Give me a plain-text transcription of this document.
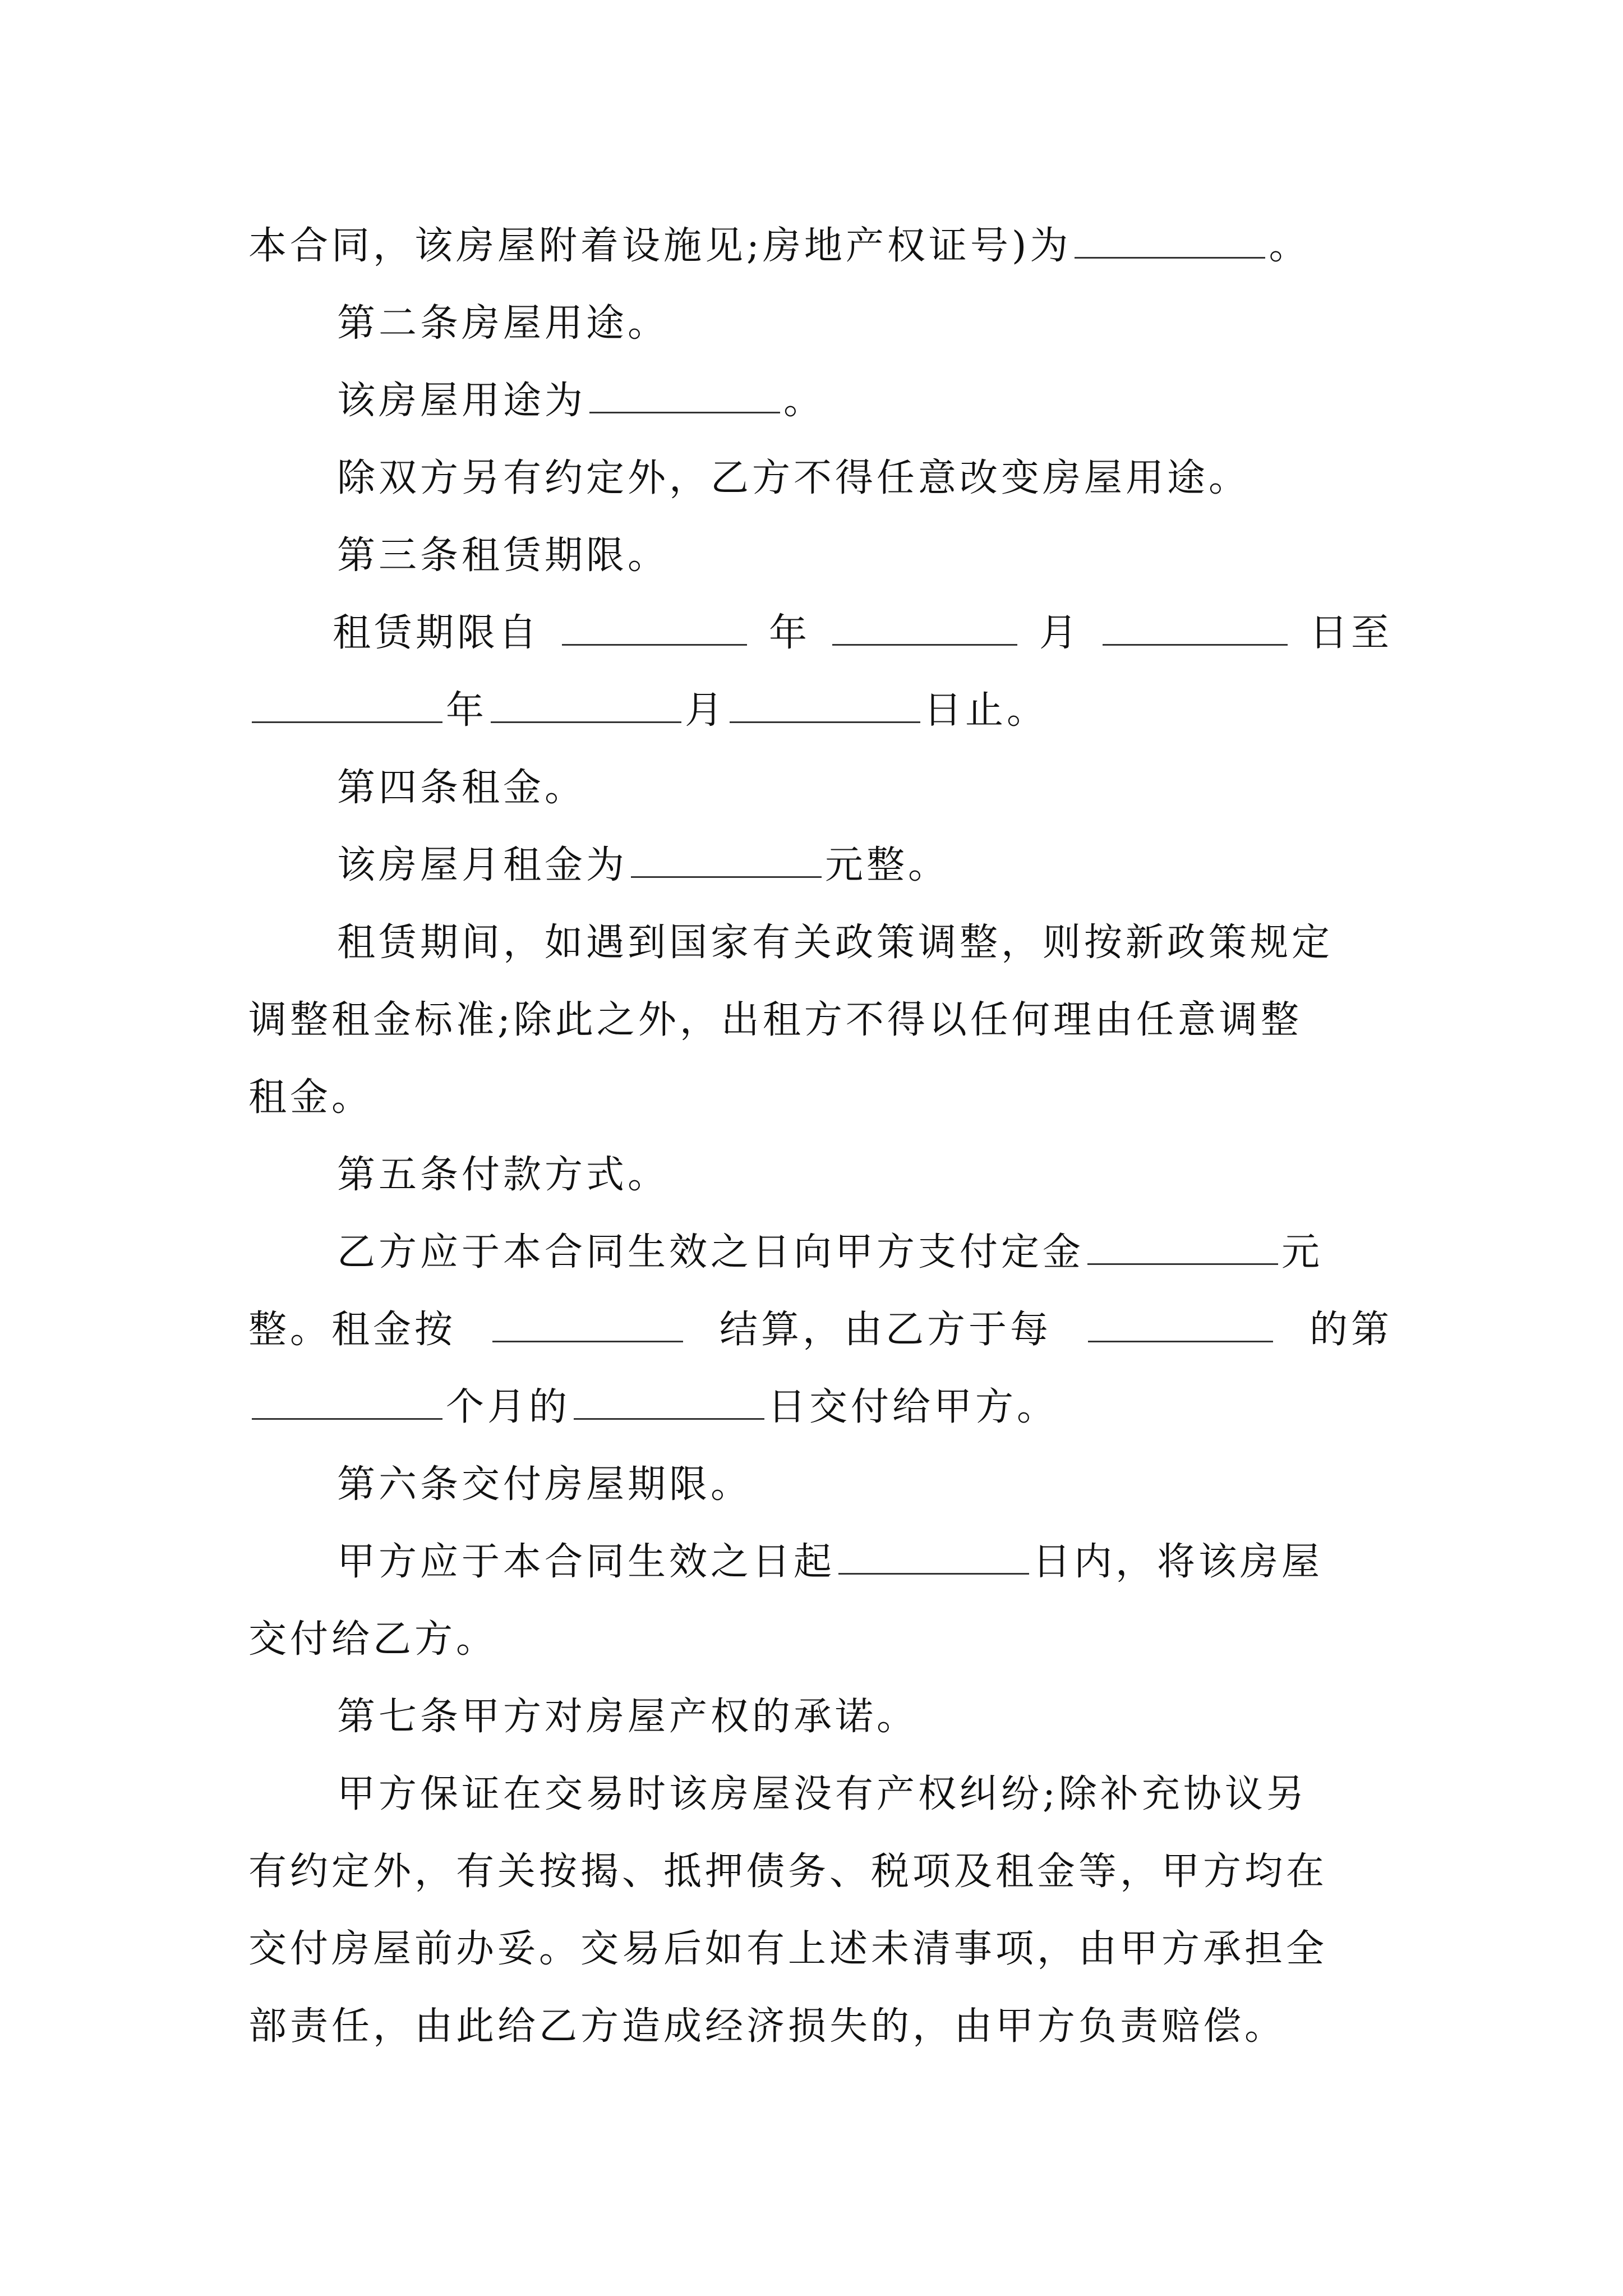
本合同，该房屋附着设施见;房地产权证号)为	。
第二条房屋用途。
该房屋用途为	。
除双方另有约定外，乙方不得任意改变房屋用途。
第三条租赁期限。
租赁期限自	年	月	日至
年	月	日止。
第四条租金。
该房屋月租金为	元整。
租赁期间，如遇到国家有关政策调整，则按新政策规定
调整租金标准;除此之外，出租方不得以任何理由任意调整
租金。
第五条付款方式。
乙方应于本合同生效之日向甲方支付定金	元
整。租金按	结算，由乙方于每	的第
个月的	日交付给甲方。
第六条交付房屋期限。
甲方应于本合同生效之日起	日内，将该房屋
交付给乙方。
第七条甲方对房屋产权的承诺。
甲方保证在交易时该房屋没有产权纠纷;除补充协议另
有约定外，有关按揭、抵押债务、税项及租金等，甲方均在
交付房屋前办妥。交易后如有上述未清事项，由甲方承担全
部责任，由此给乙方造成经济损失的，由甲方负责赔偿。
